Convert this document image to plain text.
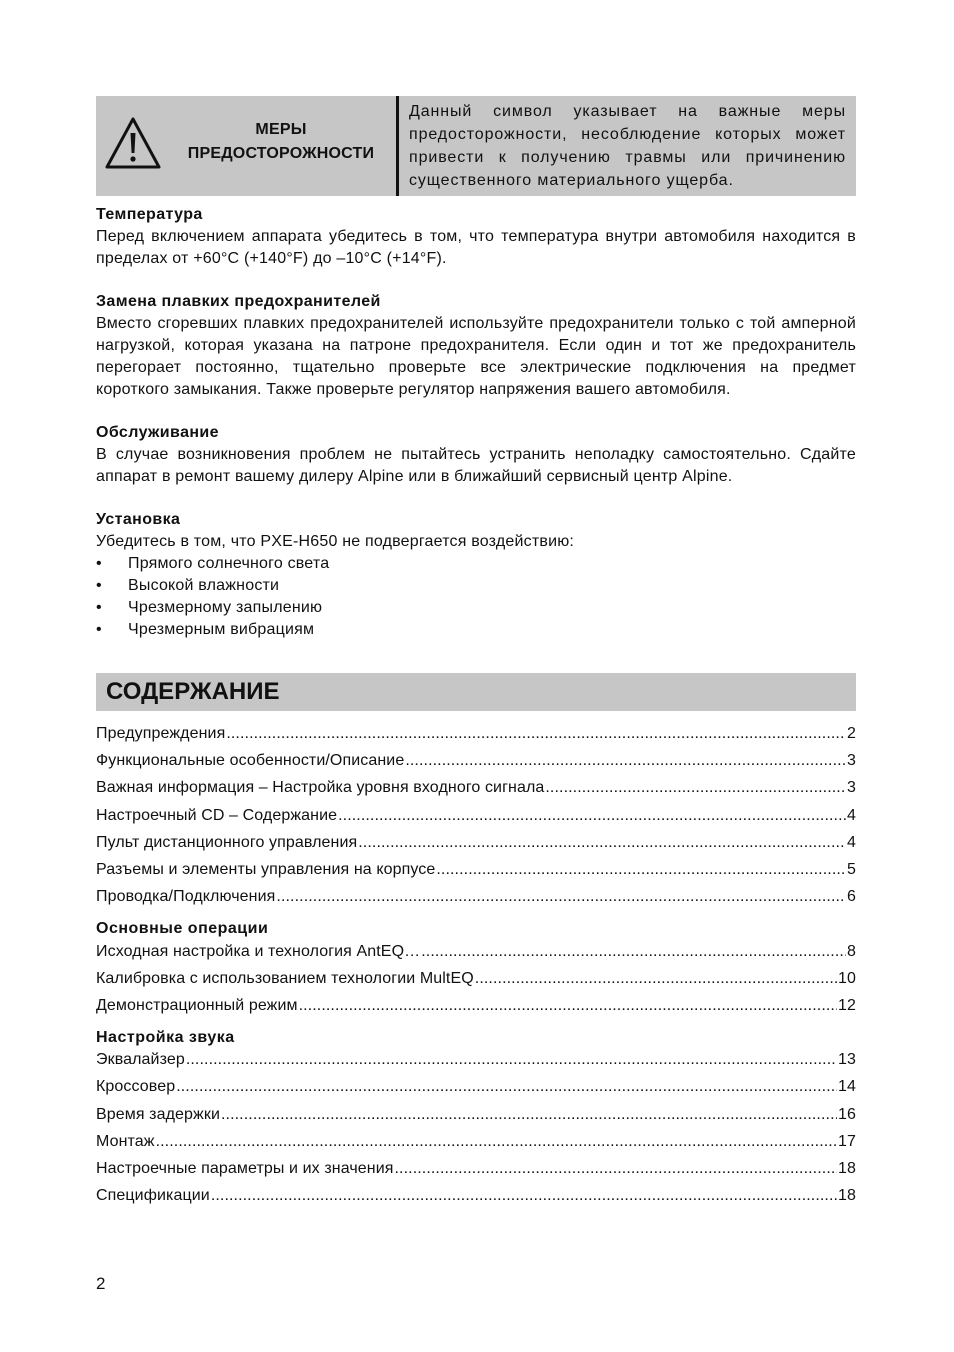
МЕРЫ
ПРЕДОСТОРОЖНОСТИ
Данный символ указывает на важные меры предосторожности, несоблюдение которых может привести к получению травмы или причинению существенного материального ущерба.
Температура
Перед включением аппарата убедитесь в том, что температура внутри автомобиля находится в пределах от +60°C (+140°F) до –10°C (+14°F).
Замена плавких предохранителей
Вместо сгоревших плавких предохранителей используйте предохранители только с той амперной нагрузкой, которая указана на патроне предохранителя. Если один и тот же предохранитель перегорает постоянно, тщательно проверьте все электрические подключения на предмет короткого замыкания. Также проверьте регулятор напряжения вашего автомобиля.
Обслуживание
В случае возникновения проблем не пытайтесь устранить неполадку самостоятельно. Сдайте аппарат в ремонт вашему дилеру Alpine или в ближайший сервисный центр Alpine.
Установка
Убедитесь в том, что PXE-H650 не подвергается воздействию:
• Прямого солнечного света
• Высокой влажности
• Чрезмерному запылению
• Чрезмерным вибрациям
СОДЕРЖАНИЕ
Предупреждения .....	2
Функциональные особенности/Описание .....	3
Важная информация – Настройка уровня входного сигнала .....	3
Настроечный CD – Содержание .....	4
Пульт дистанционного управления .....	4
Разъемы и элементы управления на корпусе .....	5
Проводка/Подключения .....	6
Основные операции
Исходная настройка и технология AntEQ… .....	8
Калибровка с использованием технологии MultEQ .....	10
Демонстрационный режим .....	12
Настройка звука
Эквалайзер .....	13
Кроссовер .....	14
Время задержки .....	16
Монтаж .....	17
Настроечные параметры и их значения .....	18
Спецификации .....	18
2
